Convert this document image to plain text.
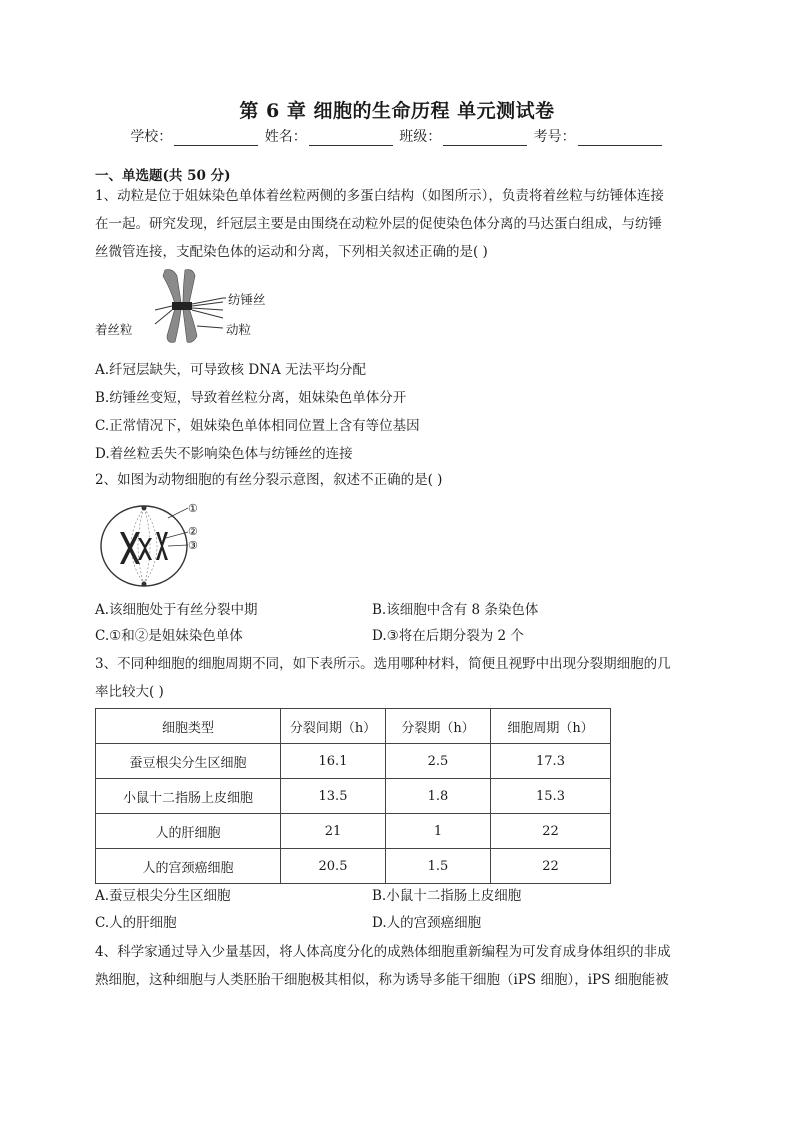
第 6 章 细胞的生命历程 单元测试卷
学校：	姓名：	班级：	考号：
一、单选题(共 50 分)
1、动粒是位于姐妹染色单体着丝粒两侧的多蛋白结构（如图所示），负责将着丝粒与纺锤体连接
在一起。研究发现，纤冠层主要是由围绕在动粒外层的促使染色体分离的马达蛋白组成，与纺锤
丝微管连接，支配染色体的运动和分离，下列相关叙述正确的是( )
纺锤丝
着丝粒	动粒
A.纤冠层缺失，可导致核 DNA 无法平均分配
B.纺锤丝变短，导致着丝粒分离，姐妹染色单体分开
C.正常情况下，姐妹染色单体相同位置上含有等位基因
D.着丝粒丢失不影响染色体与纺锤丝的连接
2、如图为动物细胞的有丝分裂示意图，叙述不正确的是( )
①
②
③
A.该细胞处于有丝分裂中期	B.该细胞中含有 8 条染色体
C.①和②是姐妹染色单体	D.③将在后期分裂为 2 个
3、不同种细胞的细胞周期不同，如下表所示。选用哪种材料，简便且视野中出现分裂期细胞的几
率比较大( )
细胞类型	分裂间期（h）	分裂期（h）	细胞周期（h）
蚕豆根尖分生区细胞	16.1	2.5	17.3
小鼠十二指肠上皮细胞	13.5	1.8	15.3
人的肝细胞	21	1	22
人的宫颈癌细胞	20.5	1.5	22
A.蚕豆根尖分生区细胞	B.小鼠十二指肠上皮细胞
C.人的肝细胞	D.人的宫颈癌细胞
4、科学家通过导入少量基因，将人体高度分化的成熟体细胞重新编程为可发育成身体组织的非成
熟细胞，这种细胞与人类胚胎干细胞极其相似，称为诱导多能干细胞（iPS 细胞），iPS 细胞能被
